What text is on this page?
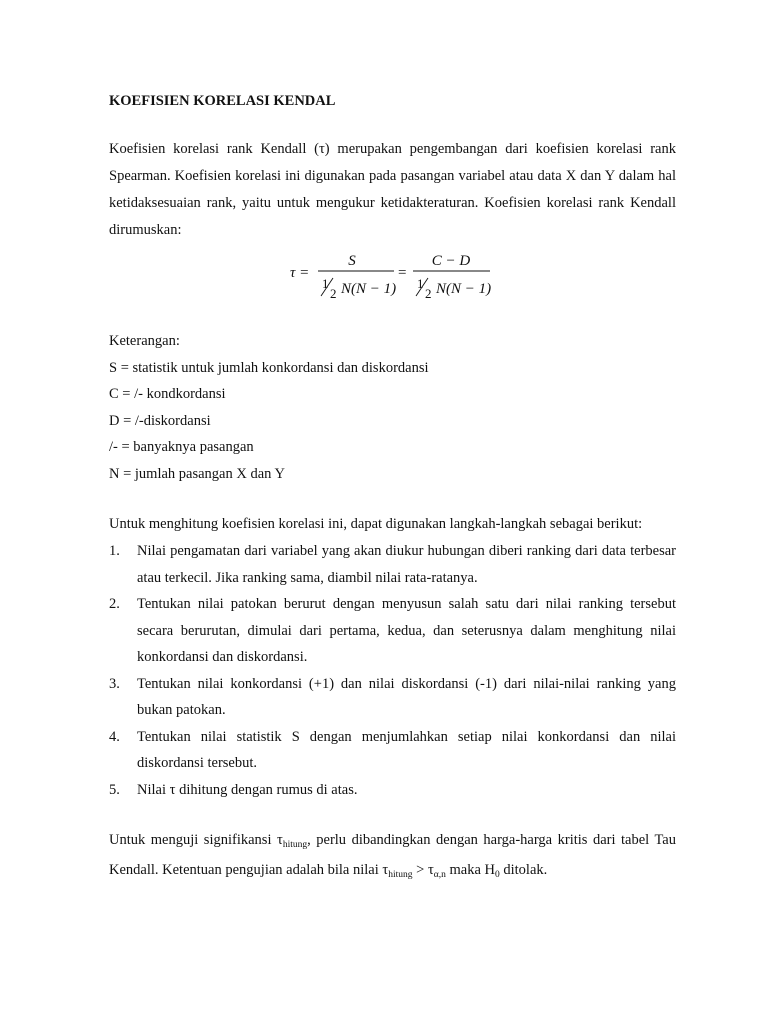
KOEFISIEN KORELASI KENDAL

Koefisien korelasi rank Kendall (τ) merupakan pengembangan dari koefisien korelasi rank Spearman. Koefisien korelasi ini digunakan pada pasangan variabel atau data X dan Y dalam hal ketidaksesuaian rank, yaitu untuk mengukur ketidakteraturan. Koefisien korelasi rank Kendall dirumuskan:

τ =
S
1
2 N(N − 1)
=
C − D
1
2 N(N − 1)
Keterangan:
S = statistik untuk jumlah konkordansi dan diskordansi
C = /- kondkordansi
D = /-diskordansi
/- = banyaknya pasangan
N = jumlah pasangan X dan Y

Untuk menghitung koefisien korelasi ini, dapat digunakan langkah-langkah sebagai berikut:

1. Nilai pengamatan dari variabel yang akan diukur hubungan diberi ranking dari data terbesar atau terkecil. Jika ranking sama, diambil nilai rata-ratanya.
2. Tentukan nilai patokan berurut dengan menyusun salah satu dari nilai ranking tersebut secara berurutan, dimulai dari pertama, kedua, dan seterusnya dalam menghitung nilai konkordansi dan diskordansi.
3. Tentukan nilai konkordansi (+1) dan nilai diskordansi (-1) dari nilai-nilai ranking yang bukan patokan.
4. Tentukan nilai statistik S dengan menjumlahkan setiap nilai konkordansi dan nilai diskordansi tersebut.
5. Nilai τ dihitung dengan rumus di atas.

Untuk menguji signifikansi $\tau_{hitung}$, perlu dibandingkan dengan harga-harga kritis dari tabel Tau Kendall. Ketentuan pengujian adalah bila nilai $\tau_{hitung} > \tau_{\alpha,n}$ maka $H_0$ ditolak.
